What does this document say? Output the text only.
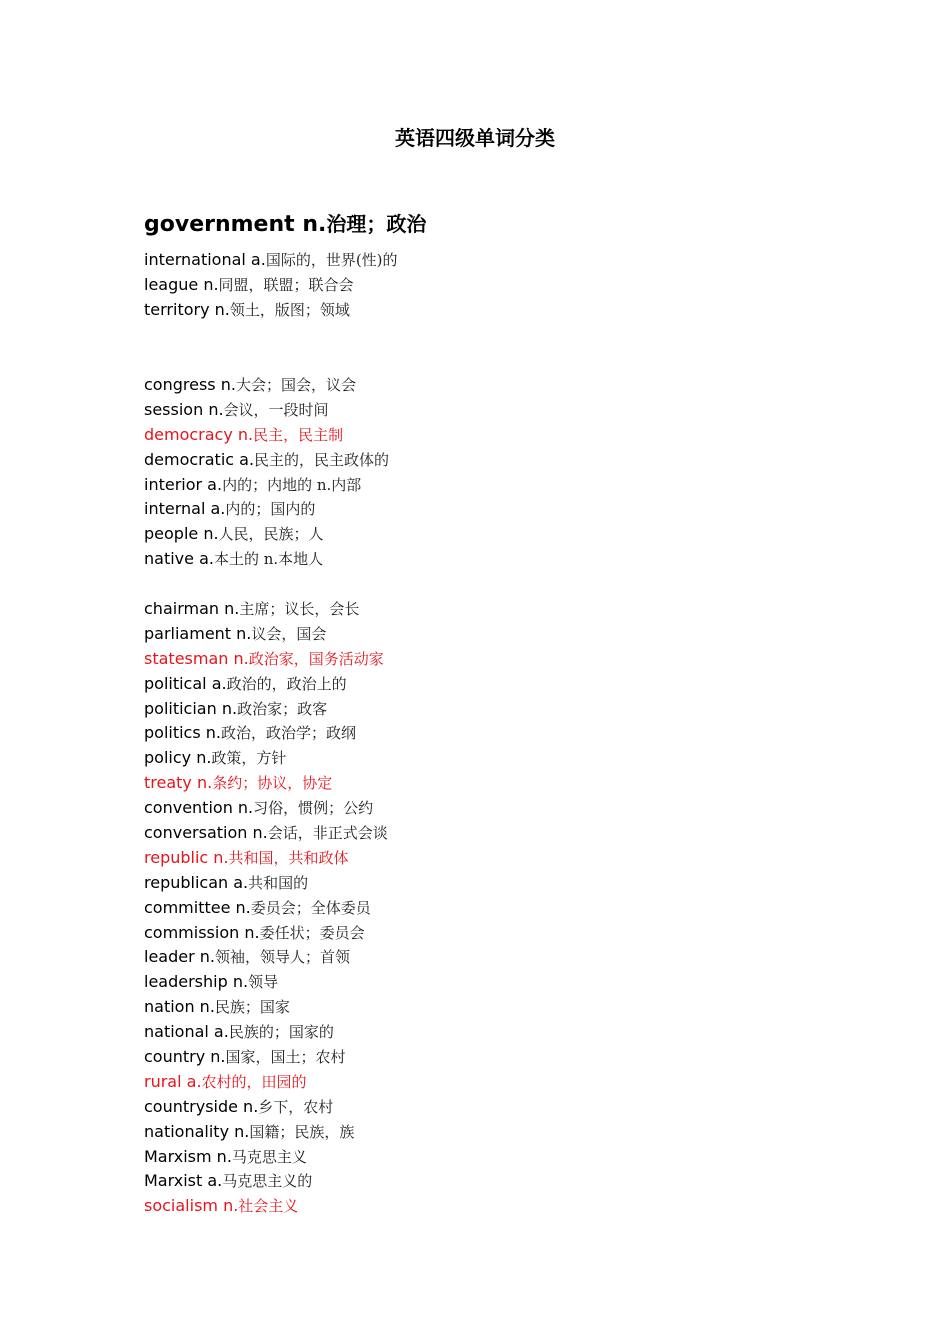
英语四级单词分类
government n.治理；政治
international a.国际的，世界(性)的
league n.同盟，联盟；联合会
territory n.领土，版图；领域
congress n.大会；国会，议会
session n.会议，一段时间
democracy n.民主，民主制
democratic a.民主的，民主政体的
interior a.内的；内地的 n.内部
internal a.内的；国内的
people n.人民，民族；人
native a.本土的 n.本地人
chairman n.主席；议长，会长
parliament n.议会，国会
statesman n.政治家，国务活动家
political a.政治的，政治上的
politician n.政治家；政客
politics n.政治，政治学；政纲
policy n.政策，方针
treaty n.条约；协议，协定
convention n.习俗，惯例；公约
conversation n.会话，非正式会谈
republic n.共和国，共和政体
republican a.共和国的
committee n.委员会；全体委员
commission n.委任状；委员会
leader n.领袖，领导人；首领
leadership n.领导
nation n.民族；国家
national a.民族的；国家的
country n.国家，国土；农村
rural a.农村的，田园的
countryside n.乡下，农村
nationality n.国籍；民族，族
Marxism n.马克思主义
Marxist a.马克思主义的
socialism n.社会主义
